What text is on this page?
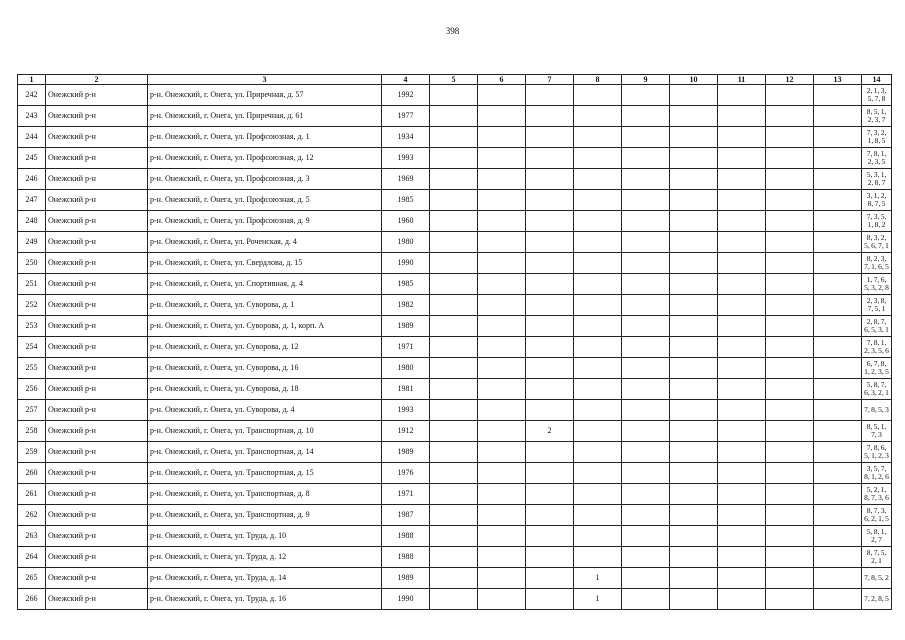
398
1	2	3	4	5	6	7	8	9	10	11	12	13	14
242	Онежский р-н	р-н. Онежский, г. Онега, ул. Приречная, д. 57	1992										2, 1, 3, 5, 7, 8
243	Онежский р-н	р-н. Онежский, г. Онега, ул. Приречная, д. 61	1977										8, 5, 1, 2, 3, 7
244	Онежский р-н	р-н. Онежский, г. Онега, ул. Профсоюзная, д. 1	1934										7, 3, 2, 1, 8, 5
245	Онежский р-н	р-н. Онежский, г. Онега, ул. Профсоюзная, д. 12	1993										7, 8, 1, 2, 3, 5
246	Онежский р-н	р-н. Онежский, г. Онега, ул. Профсоюзная, д. 3	1969										5, 3, 1, 2, 8, 7
247	Онежский р-н	р-н. Онежский, г. Онега, ул. Профсоюзная, д. 5	1985										3, 1, 2, 8, 7, 5
248	Онежский р-н	р-н. Онежский, г. Онега, ул. Профсоюзная, д. 9	1960										7, 3, 5, 1, 8, 2
249	Онежский р-н	р-н. Онежский, г. Онега, ул. Роченская, д. 4	1980										8, 3, 2, 5, 6, 7, 1
250	Онежский р-н	р-н. Онежский, г. Онега, ул. Свердлова, д. 15	1990										8, 2, 3, 7, 1, 6, 5
251	Онежский р-н	р-н. Онежский, г. Онега, ул. Спортивная, д. 4	1985										1, 7, 6, 5, 3, 2, 8
252	Онежский р-н	р-н. Онежский, г. Онега, ул. Суворова, д. 1	1982										2, 3, 8, 7, 5, 1
253	Онежский р-н	р-н. Онежский, г. Онега, ул. Суворова, д. 1, корп. А	1989										2, 8, 7, 6, 5, 3, 1
254	Онежский р-н	р-н. Онежский, г. Онега, ул. Суворова, д. 12	1971										7, 8, 1, 2, 3, 5, 6
255	Онежский р-н	р-н. Онежский, г. Онега, ул. Суворова, д. 16	1980										6, 7, 8, 1, 2, 3, 5
256	Онежский р-н	р-н. Онежский, г. Онега, ул. Суворова, д. 18	1981										5, 8, 7, 6, 3, 2, 1
257	Онежский р-н	р-н. Онежский, г. Онега, ул. Суворова, д. 4	1993										7, 8, 5, 3
258	Онежский р-н	р-н. Онежский, г. Онега, ул. Транспортная, д. 10	1912			2							8, 5, 1, 7, 3
259	Онежский р-н	р-н. Онежский, г. Онега, ул. Транспортная, д. 14	1989										7, 8, 6, 5, 1, 2, 3
260	Онежский р-н	р-н. Онежский, г. Онега, ул. Транспортная, д. 15	1976										3, 5, 7, 8, 1, 2, 6
261	Онежский р-н	р-н. Онежский, г. Онега, ул. Транспортная, д. 8	1971										5, 2, 1, 8, 7, 3, 6
262	Онежский р-н	р-н. Онежский, г. Онега, ул. Транспортная, д. 9	1987										8, 7, 3, 6, 2, 1, 5
263	Онежский р-н	р-н. Онежский, г. Онега, ул. Труда, д. 10	1988										5, 8, 1, 2, 7
264	Онежский р-н	р-н. Онежский, г. Онега, ул. Труда, д. 12	1988										8, 7, 5, 2, 1
265	Онежский р-н	р-н. Онежский, г. Онега, ул. Труда, д. 14	1989				1						7, 8, 5, 2
266	Онежский р-н	р-н. Онежский, г. Онега, ул. Труда, д. 16	1990				1						7, 2, 8, 5
